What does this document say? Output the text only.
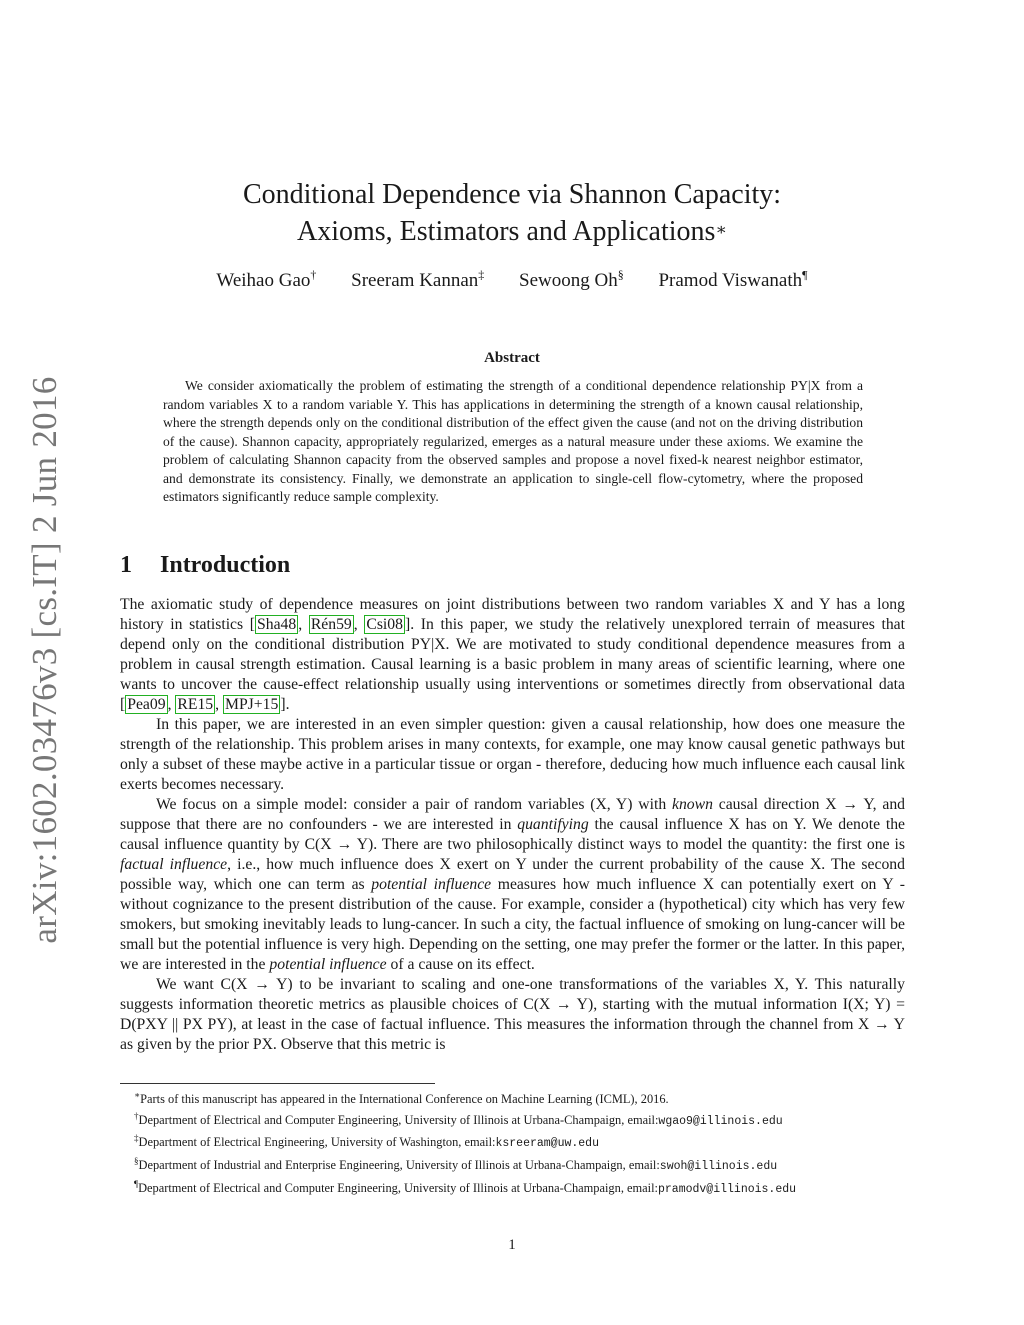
arXiv:1602.03476v3 [cs.IT] 2 Jun 2016
Conditional Dependence via Shannon Capacity:
Axioms, Estimators and Applications∗
Weihao Gao† Sreeram Kannan‡ Sewoong Oh§ Pramod Viswanath¶
Abstract
We consider axiomatically the problem of estimating the strength of a conditional dependence relationship PY|X from a random variables X to a random variable Y. This has applications in determining the strength of a known causal relationship, where the strength depends only on the conditional distribution of the effect given the cause (and not on the driving distribution of the cause). Shannon capacity, appropriately regularized, emerges as a natural measure under these axioms. We examine the problem of calculating Shannon capacity from the observed samples and propose a novel fixed-k nearest neighbor estimator, and demonstrate its consistency. Finally, we demonstrate an application to single-cell flow-cytometry, where the proposed estimators significantly reduce sample complexity.
1 Introduction

The axiomatic study of dependence measures on joint distributions between two random variables X and Y has a long history in statistics [ Sha48 , Rén59 , Csi08 ]. In this paper, we study the relatively unexplored terrain of measures that depend only on the conditional distribution PY|X. We are motivated to study conditional dependence measures from a problem in causal strength estimation. Causal learning is a basic problem in many areas of scientific learning, where one wants to uncover the cause-effect relationship usually using interventions or sometimes directly from observational data [ Pea09 , RE15 , MPJ+15 ].

In this paper, we are interested in an even simpler question: given a causal relationship, how does one measure the strength of the relationship. This problem arises in many contexts, for example, one may know causal genetic pathways but only a subset of these maybe active in a particular tissue or organ - therefore, deducing how much influence each causal link exerts becomes necessary.

We focus on a simple model: consider a pair of random variables (X, Y) with known causal direction X → Y, and suppose that there are no confounders - we are interested in quantifying the causal influence X has on Y. We denote the causal influence quantity by C(X → Y). There are two philosophically distinct ways to model the quantity: the first one is factual influence, i.e., how much influence does X exert on Y under the current probability of the cause X. The second possible way, which one can term as potential influence measures how much influence X can potentially exert on Y - without cognizance to the present distribution of the cause. For example, consider a (hypothetical) city which has very few smokers, but smoking inevitably leads to lung-cancer. In such a city, the factual influence of smoking on lung-cancer will be small but the potential influence is very high. Depending on the setting, one may prefer the former or the latter. In this paper, we are interested in the potential influence of a cause on its effect.

We want C(X → Y) to be invariant to scaling and one-one transformations of the variables X, Y. This naturally suggests information theoretic metrics as plausible choices of C(X → Y), starting with the mutual information I(X; Y) = D(PXY || PX PY), at least in the case of factual influence. This measures the information through the channel from X → Y as given by the prior PX. Observe that this metric is

∗Parts of this manuscript has appeared in the International Conference on Machine Learning (ICML), 2016.

†Department of Electrical and Computer Engineering, University of Illinois at Urbana-Champaign, email:wgao9@illinois.edu

‡Department of Electrical Engineering, University of Washington, email:ksreeram@uw.edu

§Department of Industrial and Enterprise Engineering, University of Illinois at Urbana-Champaign, email:swoh@illinois.edu

¶Department of Electrical and Computer Engineering, University of Illinois at Urbana-Champaign, email:pramodv@illinois.edu

1
